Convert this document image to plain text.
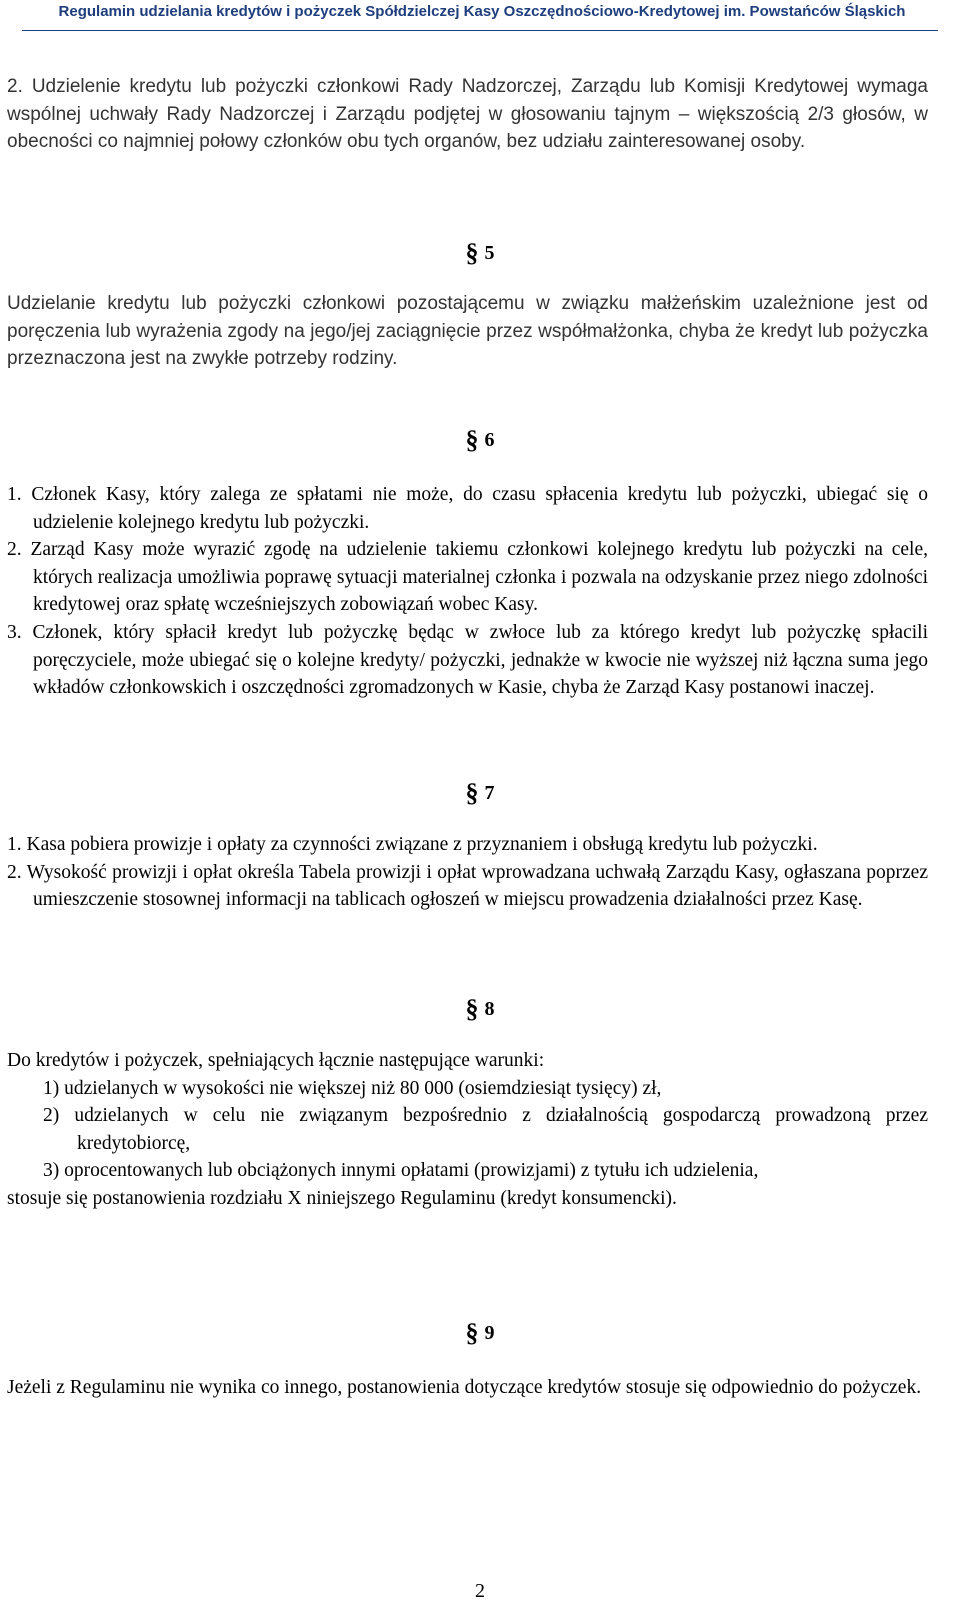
Regulamin udzielania kredytów i pożyczek Spółdzielczej Kasy Oszczędnościowo-Kredytowej im. Powstańców Śląskich

2. Udzielenie kredytu lub pożyczki członkowi Rady Nadzorczej, Zarządu lub Komisji Kredytowej wymaga wspólnej uchwały Rady Nadzorczej i Zarządu podjętej w głosowaniu tajnym – większością 2/3 głosów, w obecności co najmniej połowy członków obu tych organów, bez udziału zainteresowanej osoby.

§ 5

Udzielanie kredytu lub pożyczki członkowi pozostającemu w związku małżeńskim uzależnione jest od poręczenia lub wyrażenia zgody na jego/jej zaciągnięcie przez współmałżonka, chyba że kredyt lub pożyczka przeznaczona jest na zwykłe potrzeby rodziny.

§ 6

1. Członek Kasy, który zalega ze spłatami nie może, do czasu spłacenia kredytu lub pożyczki, ubiegać się o udzielenie kolejnego kredytu lub pożyczki.

2. Zarząd Kasy może wyrazić zgodę na udzielenie takiemu członkowi kolejnego kredytu lub pożyczki na cele, których realizacja umożliwia poprawę sytuacji materialnej członka i pozwala na odzyskanie przez niego zdolności kredytowej oraz spłatę wcześniejszych zobowiązań wobec Kasy.

3. Członek, który spłacił kredyt lub pożyczkę będąc w zwłoce lub za którego kredyt lub pożyczkę spłacili poręczyciele, może ubiegać się o kolejne kredyty/ pożyczki, jednakże w kwocie nie wyższej niż łączna suma jego wkładów członkowskich i oszczędności zgromadzonych w Kasie, chyba że Zarząd Kasy postanowi inaczej.

§ 7

1. Kasa pobiera prowizje i opłaty za czynności związane z przyznaniem i obsługą kredytu lub pożyczki.

2. Wysokość prowizji i opłat określa Tabela prowizji i opłat wprowadzana uchwałą Zarządu Kasy, ogłaszana poprzez umieszczenie stosownej informacji na tablicach ogłoszeń w miejscu prowadzenia działalności przez Kasę.

§ 8

Do kredytów i pożyczek, spełniających łącznie następujące warunki:

1) udzielanych w wysokości nie większej niż 80 000 (osiemdziesiąt tysięcy) zł,

2) udzielanych w celu nie związanym bezpośrednio z działalnością gospodarczą prowadzoną przez kredytobiorcę,

3) oprocentowanych lub obciążonych innymi opłatami (prowizjami) z tytułu ich udzielenia,

stosuje się postanowienia rozdziału X niniejszego Regulaminu (kredyt konsumencki).

§ 9

Jeżeli z Regulaminu nie wynika co innego, postanowienia dotyczące kredytów stosuje się odpowiednio do pożyczek.

2
